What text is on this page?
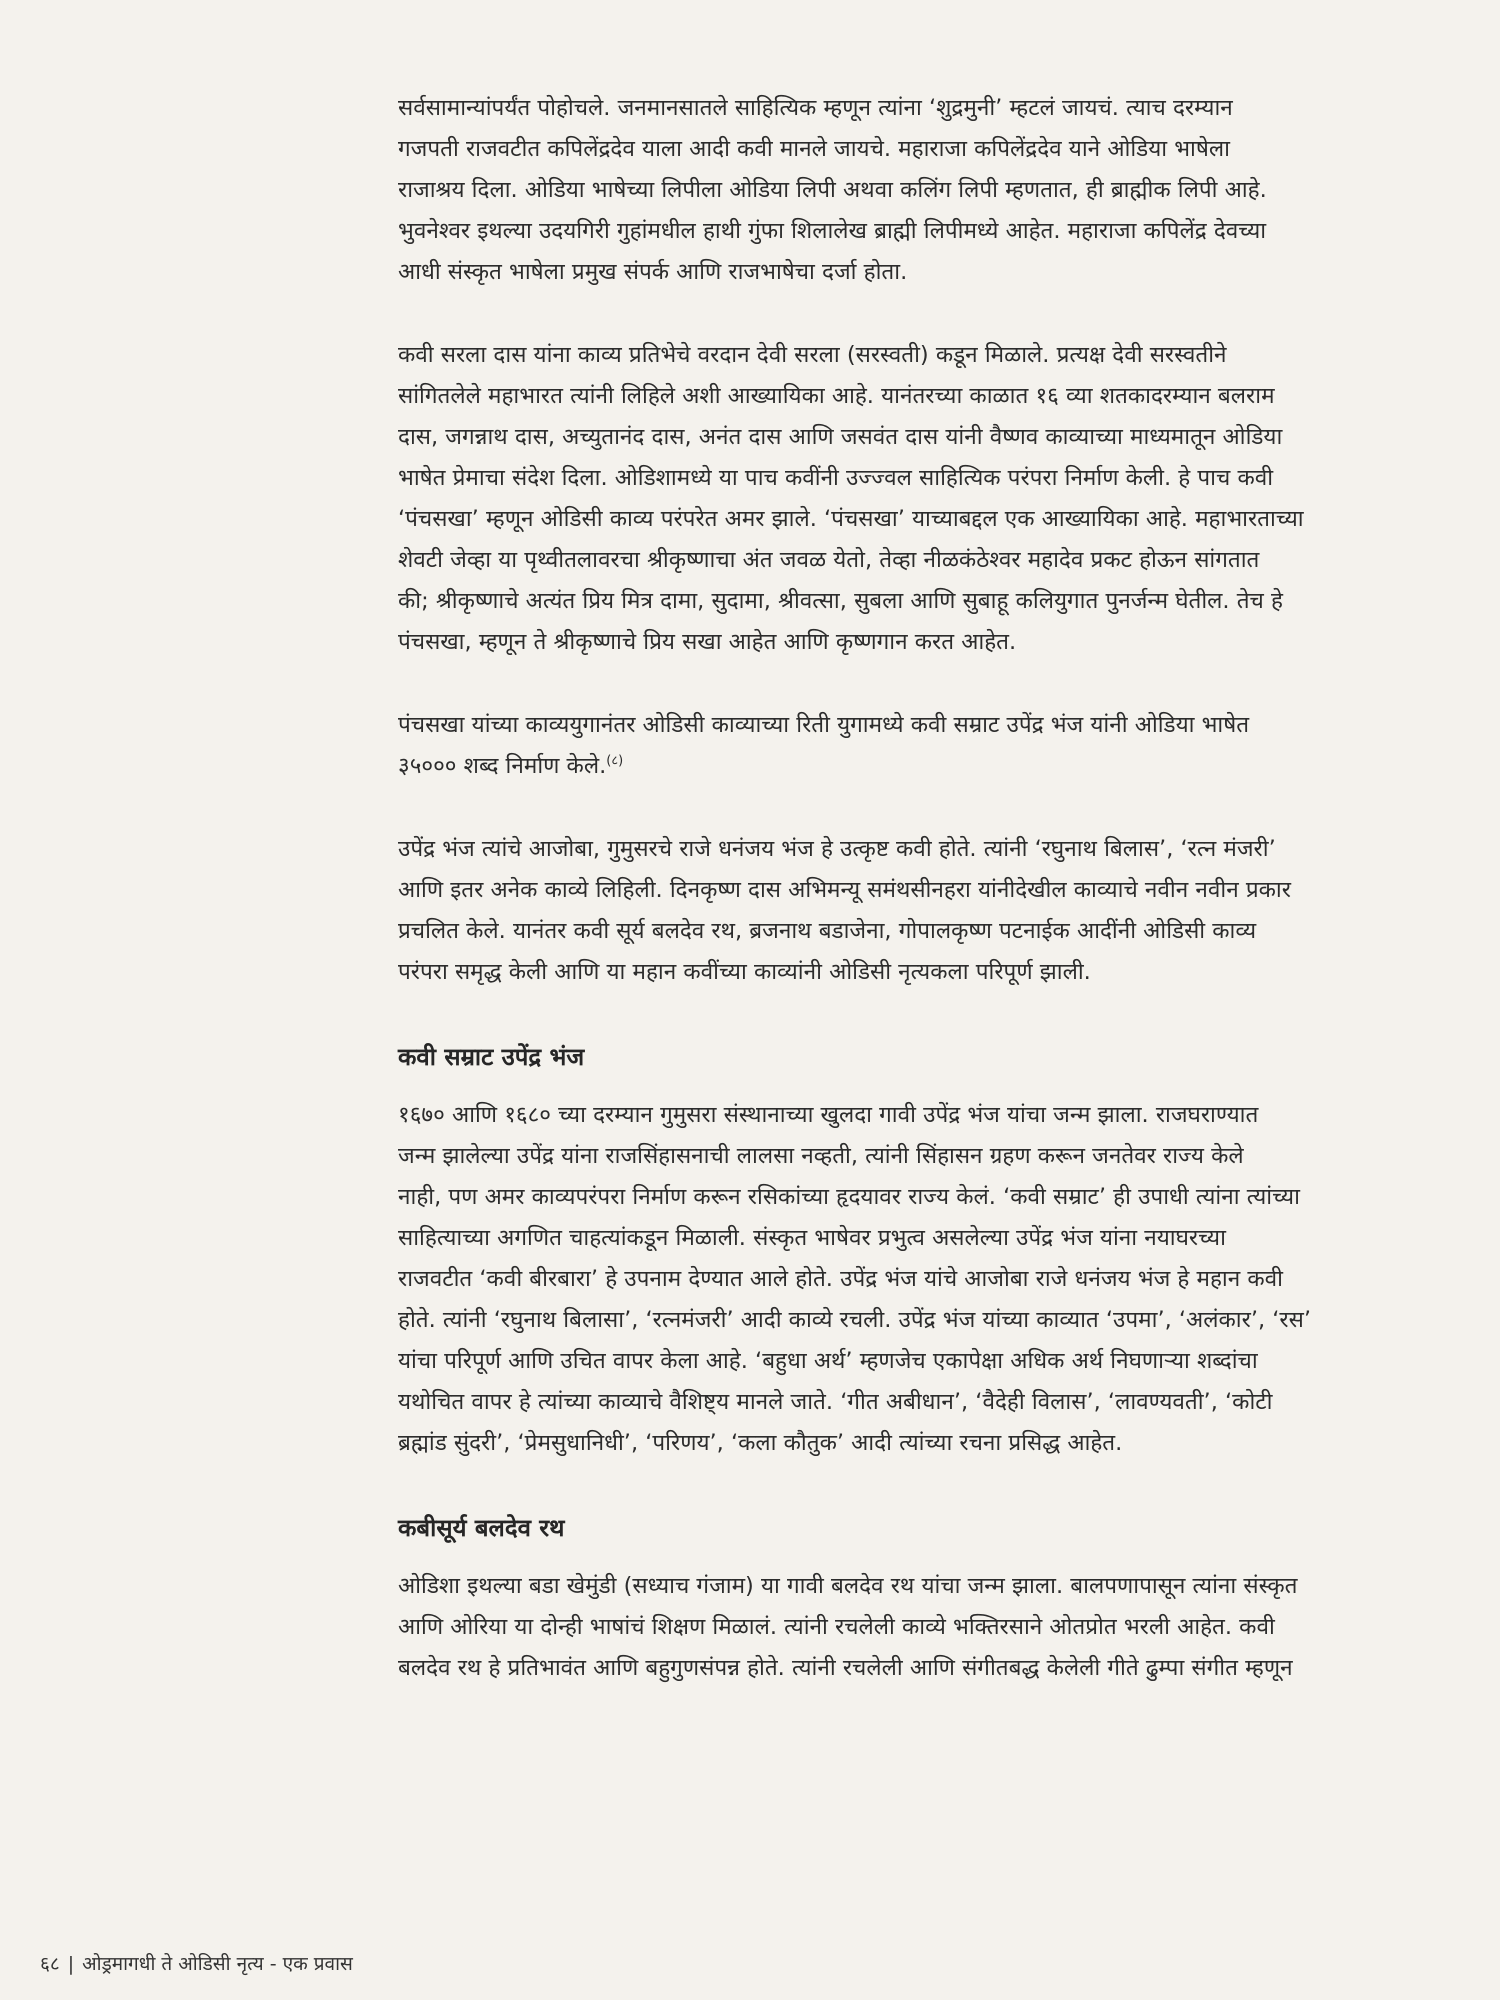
सर्वसामान्यांपर्यंत पोहोचले. जनमानसातले साहित्यिक म्हणून त्यांना ‘शुद्रमुनी’ म्हटलं जायचं. त्याच दरम्यान
गजपती राजवटीत कपिलेंद्रदेव याला आदी कवी मानले जायचे. महाराजा कपिलेंद्रदेव याने ओडिया भाषेला
राजाश्रय दिला. ओडिया भाषेच्या लिपीला ओडिया लिपी अथवा कलिंग लिपी म्हणतात, ही ब्राह्मीक लिपी आहे.
भुवनेश्वर इथल्या उदयगिरी गुहांमधील हाथी गुंफा शिलालेख ब्राह्मी लिपीमध्ये आहेत. महाराजा कपिलेंद्र देवच्या
आधी संस्कृत भाषेला प्रमुख संपर्क आणि राजभाषेचा दर्जा होता.

कवी सरला दास यांना काव्य प्रतिभेचे वरदान देवी सरला (सरस्वती) कडून मिळाले. प्रत्यक्ष देवी सरस्वतीने
सांगितलेले महाभारत त्यांनी लिहिले अशी आख्यायिका आहे. यानंतरच्या काळात १६ व्या शतकादरम्यान बलराम
दास, जगन्नाथ दास, अच्युतानंद दास, अनंत दास आणि जसवंत दास यांनी वैष्णव काव्याच्या माध्यमातून ओडिया
भाषेत प्रेमाचा संदेश दिला. ओडिशामध्ये या पाच कवींनी उज्ज्वल साहित्यिक परंपरा निर्माण केली. हे पाच कवी
‘पंचसखा’ म्हणून ओडिसी काव्य परंपरेत अमर झाले. ‘पंचसखा’ याच्याबद्दल एक आख्यायिका आहे. महाभारताच्या
शेवटी जेव्हा या पृथ्वीतलावरचा श्रीकृष्णाचा अंत जवळ येतो, तेव्हा नीळकंठेश्वर महादेव प्रकट होऊन सांगतात
की; श्रीकृष्णाचे अत्यंत प्रिय मित्र दामा, सुदामा, श्रीवत्सा, सुबला आणि सुबाहू कलियुगात पुनर्जन्म घेतील. तेच हे
पंचसखा, म्हणून ते श्रीकृष्णाचे प्रिय सखा आहेत आणि कृष्णगान करत आहेत.

पंचसखा यांच्या काव्ययुगानंतर ओडिसी काव्याच्या रिती युगामध्ये कवी सम्राट उपेंद्र भंज यांनी ओडिया भाषेत
३५००० शब्द निर्माण केले.$^{(८)}$

उपेंद्र भंज त्यांचे आजोबा, गुमुसरचे राजे धनंजय भंज हे उत्कृष्ट कवी होते. त्यांनी ‘रघुनाथ बिलास’, ‘रत्न मंजरी’
आणि इतर अनेक काव्ये लिहिली. दिनकृष्ण दास अभिमन्यू समंथसीनहरा यांनीदेखील काव्याचे नवीन नवीन प्रकार
प्रचलित केले. यानंतर कवी सूर्य बलदेव रथ, ब्रजनाथ बडाजेना, गोपालकृष्ण पटनाईक आदींनी ओडिसी काव्य
परंपरा समृद्ध केली आणि या महान कवींच्या काव्यांनी ओडिसी नृत्यकला परिपूर्ण झाली.

कवी सम्राट उपेंद्र भंज

१६७० आणि १६८० च्या दरम्यान गुमुसरा संस्थानाच्या खुलदा गावी उपेंद्र भंज यांचा जन्म झाला. राजघराण्यात
जन्म झालेल्या उपेंद्र यांना राजसिंहासनाची लालसा नव्हती, त्यांनी सिंहासन ग्रहण करून जनतेवर राज्य केले
नाही, पण अमर काव्यपरंपरा निर्माण करून रसिकांच्या हृदयावर राज्य केलं. ‘कवी सम्राट’ ही उपाधी त्यांना त्यांच्या
साहित्याच्या अगणित चाहत्यांकडून मिळाली. संस्कृत भाषेवर प्रभुत्व असलेल्या उपेंद्र भंज यांना नयाघरच्या
राजवटीत ‘कवी बीरबारा’ हे उपनाम देण्यात आले होते. उपेंद्र भंज यांचे आजोबा राजे धनंजय भंज हे महान कवी
होते. त्यांनी ‘रघुनाथ बिलासा’, ‘रत्नमंजरी’ आदी काव्ये रचली. उपेंद्र भंज यांच्या काव्यात ‘उपमा’, ‘अलंकार’, ‘रस’
यांचा परिपूर्ण आणि उचित वापर केला आहे. ‘बहुधा अर्थ’ म्हणजेच एकापेक्षा अधिक अर्थ निघणाऱ्या शब्दांचा
यथोचित वापर हे त्यांच्या काव्याचे वैशिष्ट्य मानले जाते. ‘गीत अबीधान’, ‘वैदेही विलास’, ‘लावण्यवती’, ‘कोटी
ब्रह्मांड सुंदरी’, ‘प्रेमसुधानिधी’, ‘परिणय’, ‘कला कौतुक’ आदी त्यांच्या रचना प्रसिद्ध आहेत.

कबीसूर्य बलदेव रथ

ओडिशा इथल्या बडा खेमुंडी (सध्याच गंजाम) या गावी बलदेव रथ यांचा जन्म झाला. बालपणापासून त्यांना संस्कृत
आणि ओरिया या दोन्ही भाषांचं शिक्षण मिळालं. त्यांनी रचलेली काव्ये भक्तिरसाने ओतप्रोत भरली आहेत. कवी
बलदेव रथ हे प्रतिभावंत आणि बहुगुणसंपन्न होते. त्यांनी रचलेली आणि संगीतबद्ध केलेली गीते ढुम्पा संगीत म्हणून

६८ | ओड्रमागधी ते ओडिसी नृत्य - एक प्रवास
